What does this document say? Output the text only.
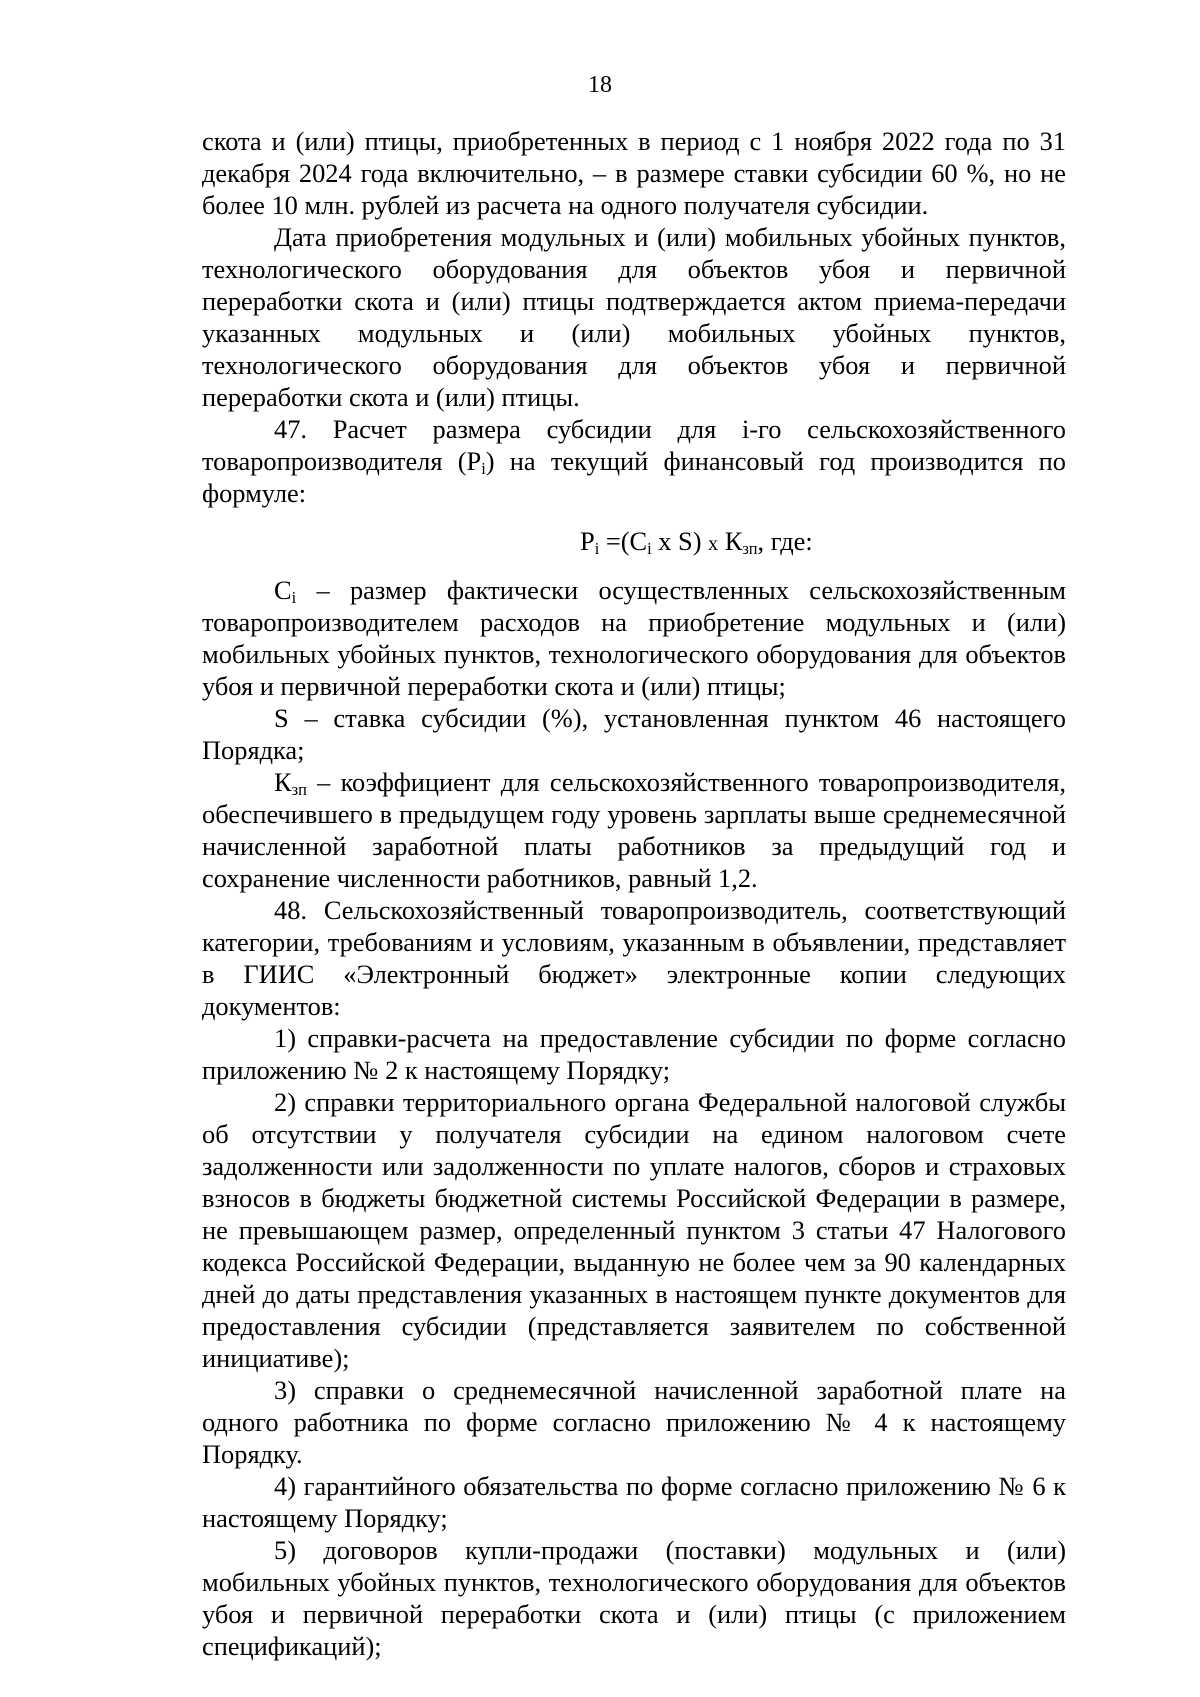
18

скота и (или) птицы, приобретенных в период с 1 ноября 2022 года по 31 декабря 2024 года включительно, – в размере ставки субсидии 60 %, но не более 10 млн. рублей из расчета на одного получателя субсидии.

Дата приобретения модульных и (или) мобильных убойных пунктов, технологического оборудования для объектов убоя и первичной переработки скота и (или) птицы подтверждается актом приема-передачи указанных модульных и (или) мобильных убойных пунктов, технологического оборудования для объектов убоя и первичной переработки скота и (или) птицы.

47. Расчет размера субсидии для i-го сельскохозяйственного товаропроизводителя $(P_i)$ на текущий финансовый год производится по формуле:

$P_i =(C_i$ x S) x $К_{зп}$, где:

$C_i$ – размер фактически осуществленных сельскохозяйственным товаропроизводителем расходов на приобретение модульных и (или) мобильных убойных пунктов, технологического оборудования для объектов убоя и первичной переработки скота и (или) птицы;

S – ставка субсидии (%), установленная пунктом 46 настоящего Порядка;

$К_{зп}$ – коэффициент для сельскохозяйственного товаропроизводителя, обеспечившего в предыдущем году уровень зарплаты выше среднемесячной начисленной заработной платы работников за предыдущий год и сохранение численности работников, равный 1,2.

48. Сельскохозяйственный товаропроизводитель, соответствующий категории, требованиям и условиям, указанным в объявлении, представляет в ГИИС «Электронный бюджет» электронные копии следующих документов:

1) справки-расчета на предоставление субсидии по форме согласно приложению № 2 к настоящему Порядку;

2) справки территориального органа Федеральной налоговой службы об отсутствии у получателя субсидии на едином налоговом счете задолженности или задолженности по уплате налогов, сборов и страховых взносов в бюджеты бюджетной системы Российской Федерации в размере, не превышающем размер, определенный пунктом 3 статьи 47 Налогового кодекса Российской Федерации, выданную не более чем за 90 календарных дней до даты представления указанных в настоящем пункте документов для предоставления субсидии (представляется заявителем по собственной инициативе);

3) справки о среднемесячной начисленной заработной плате на одного работника по форме согласно приложению № 4 к настоящему Порядку.

4) гарантийного обязательства по форме согласно приложению № 6 к настоящему Порядку;

5) договоров купли-продажи (поставки) модульных и (или) мобильных убойных пунктов, технологического оборудования для объектов убоя и первичной переработки скота и (или) птицы (с приложением спецификаций);
